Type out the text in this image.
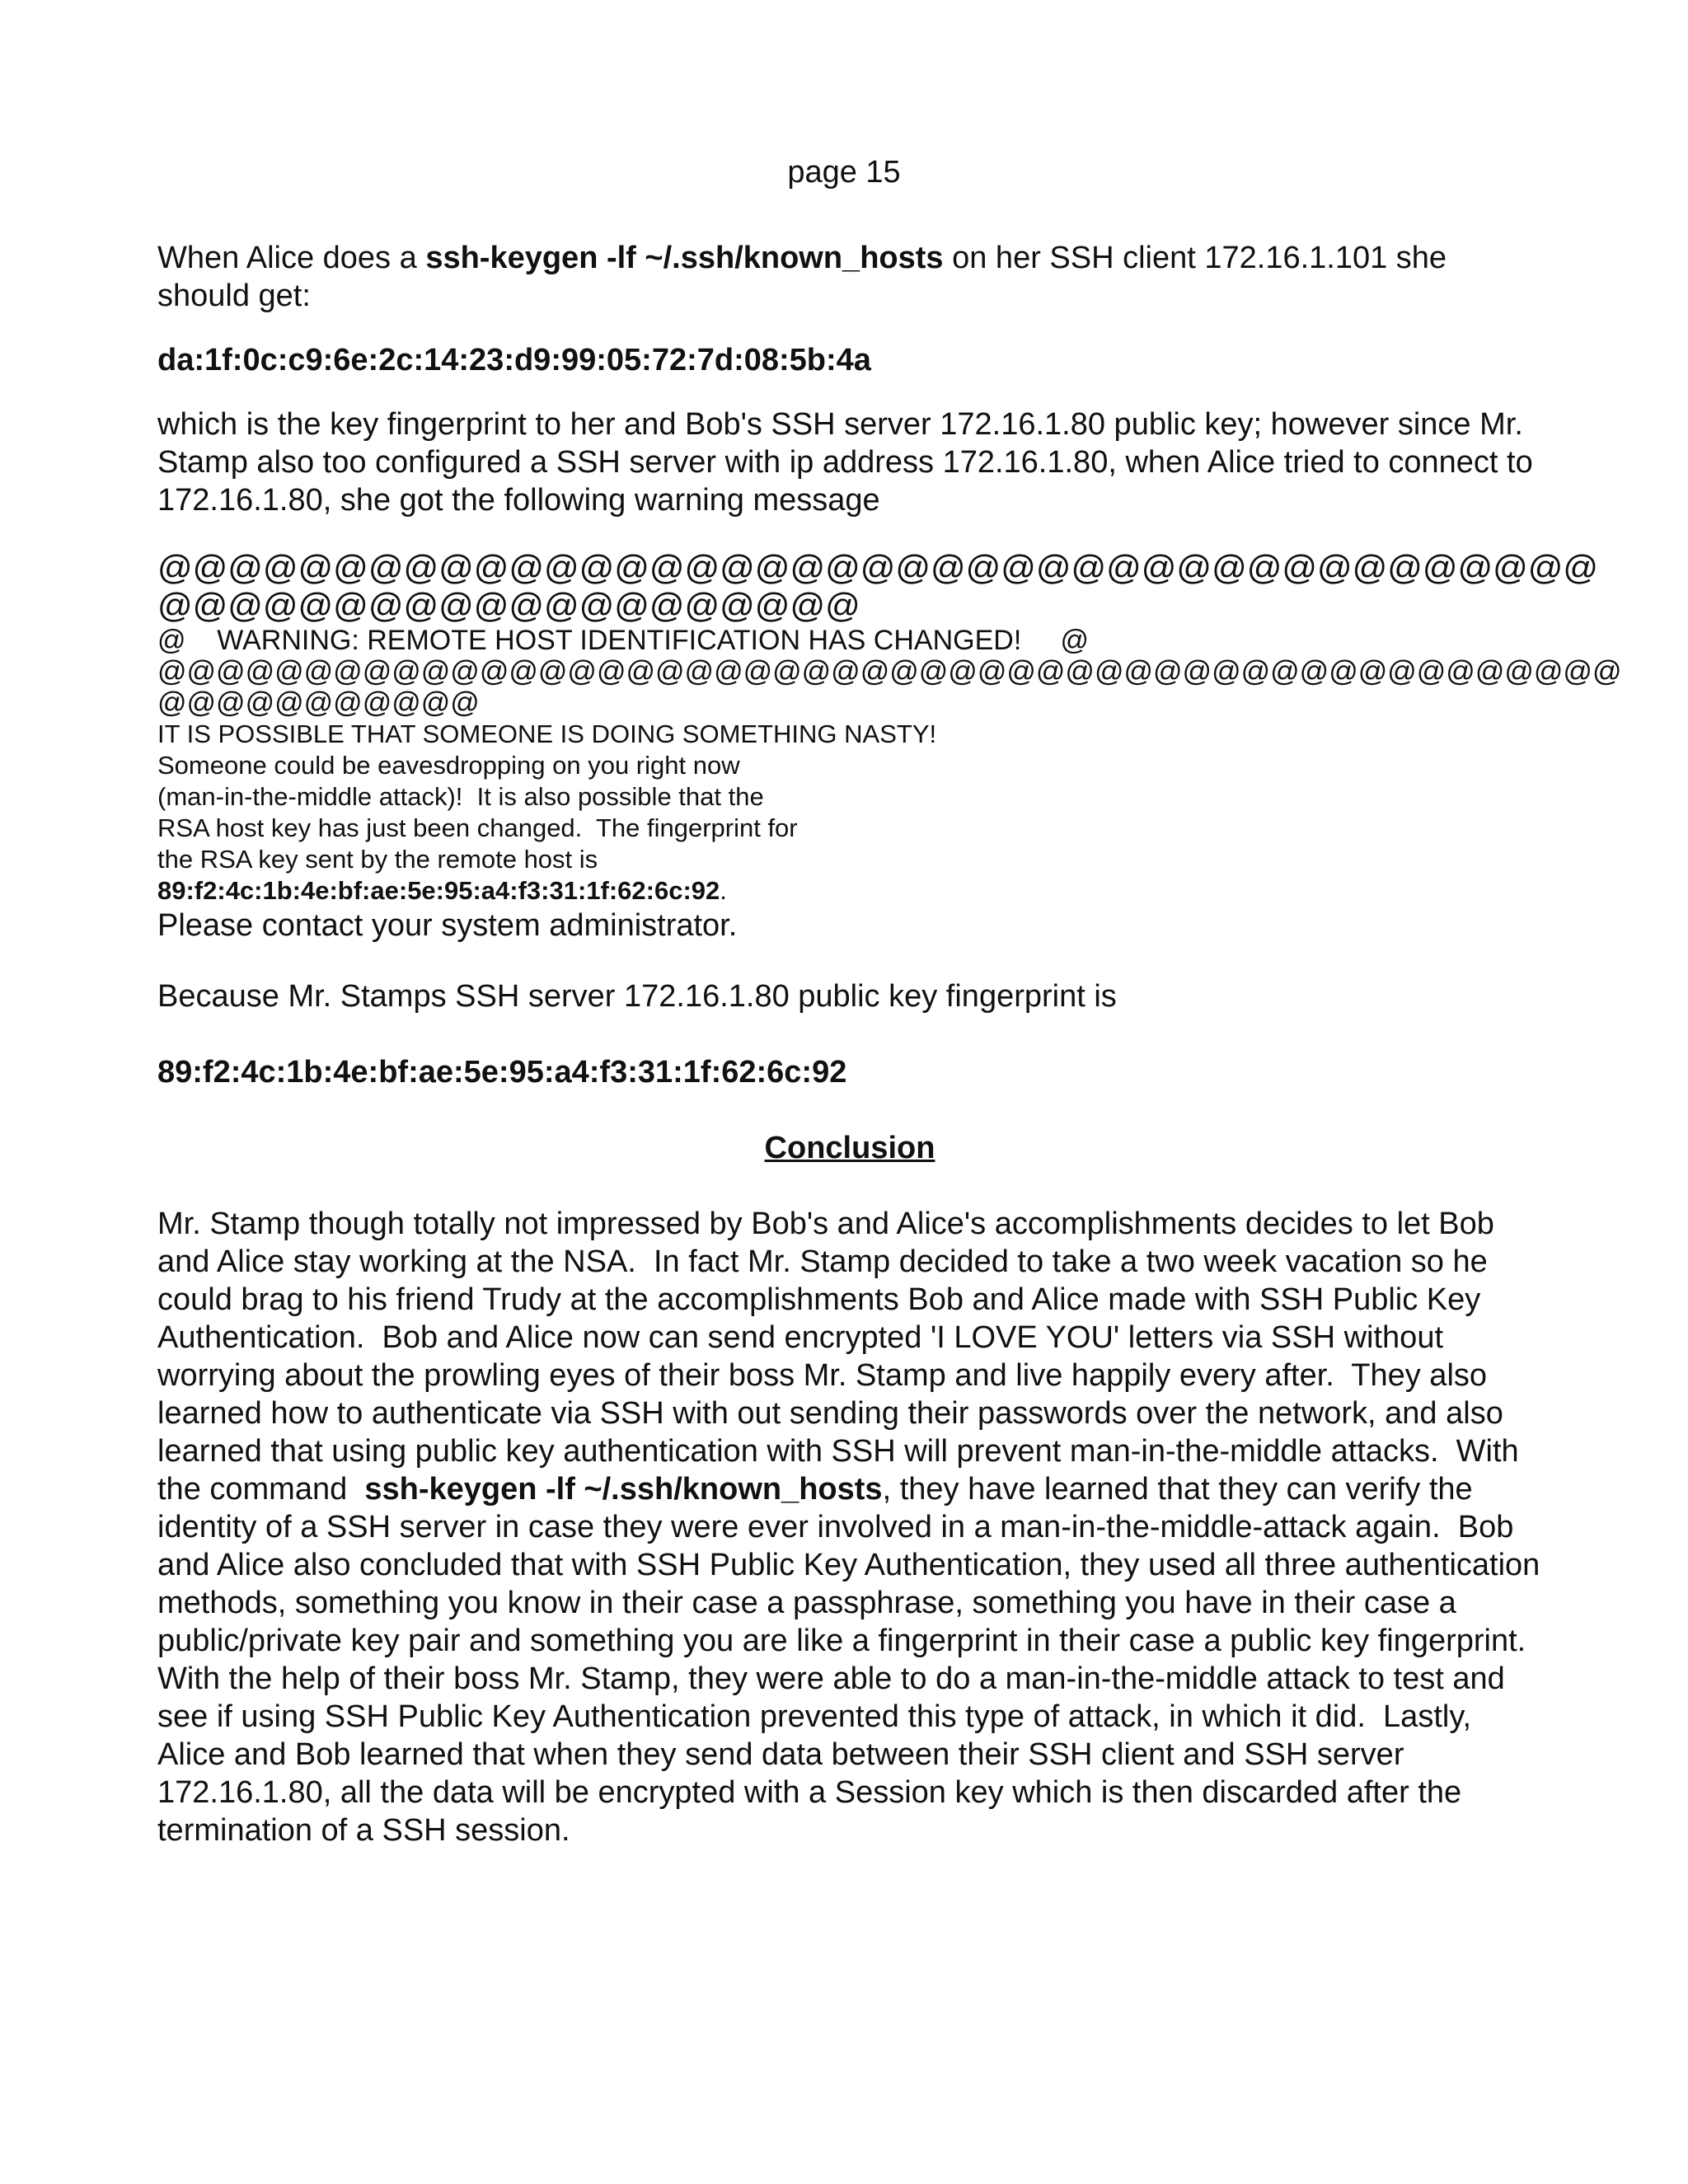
page 15

When Alice does a ssh-keygen -lf ~/.ssh/known_hosts on her SSH client 172.16.1.101 she should get:

da:1f:0c:c9:6e:2c:14:23:d9:99:05:72:7d:08:5b:4a

which is the key fingerprint to her and Bob's SSH server 172.16.1.80 public key; however since Mr. Stamp also too configured a SSH server with ip address 172.16.1.80, when Alice tried to connect to 172.16.1.80, she got the following warning message

@@@@@@@@@@@@@@@@@@@@@@@@@@@@@@@@@@@@@@@@@

@@@@@@@@@@@@@@@@@@@@

@    WARNING: REMOTE HOST IDENTIFICATION HAS CHANGED!     @

@@@@@@@@@@@@@@@@@@@@@@@@@@@@@@@@@@@@@@@@@@@@@@@@@@

@@@@@@@@@@@

IT IS POSSIBLE THAT SOMEONE IS DOING SOMETHING NASTY!

Someone could be eavesdropping on you right now

(man-in-the-middle attack)!  It is also possible that the

RSA host key has just been changed.  The fingerprint for

the RSA key sent by the remote host is

89:f2:4c:1b:4e:bf:ae:5e:95:a4:f3:31:1f:62:6c:92.

Please contact your system administrator.

Because Mr. Stamps SSH server 172.16.1.80 public key fingerprint is

89:f2:4c:1b:4e:bf:ae:5e:95:a4:f3:31:1f:62:6c:92

Conclusion

Mr. Stamp though totally not impressed by Bob's and Alice's accomplishments decides to let Bob and Alice stay working at the NSA.  In fact Mr. Stamp decided to take a two week vacation so he could brag to his friend Trudy at the accomplishments Bob and Alice made with SSH Public Key Authentication.  Bob and Alice now can send encrypted 'I LOVE YOU' letters via SSH without worrying about the prowling eyes of their boss Mr. Stamp and live happily every after.  They also learned how to authenticate via SSH with out sending their passwords over the network, and also learned that using public key authentication with SSH will prevent man-in-the-middle attacks.  With the command  ssh-keygen -lf ~/.ssh/known_hosts, they have learned that they can verify the identity of a SSH server in case they were ever involved in a man-in-the-middle-attack again.  Bob and Alice also concluded that with SSH Public Key Authentication, they used all three authentication methods, something you know in their case a passphrase, something you have in their case a public/private key pair and something you are like a fingerprint in their case a public key fingerprint.  With the help of their boss Mr. Stamp, they were able to do a man-in-the-middle attack to test and see if using SSH Public Key Authentication prevented this type of attack, in which it did.  Lastly, Alice and Bob learned that when they send data between their SSH client and SSH server 172.16.1.80, all the data will be encrypted with a Session key which is then discarded after the termination of a SSH session.
